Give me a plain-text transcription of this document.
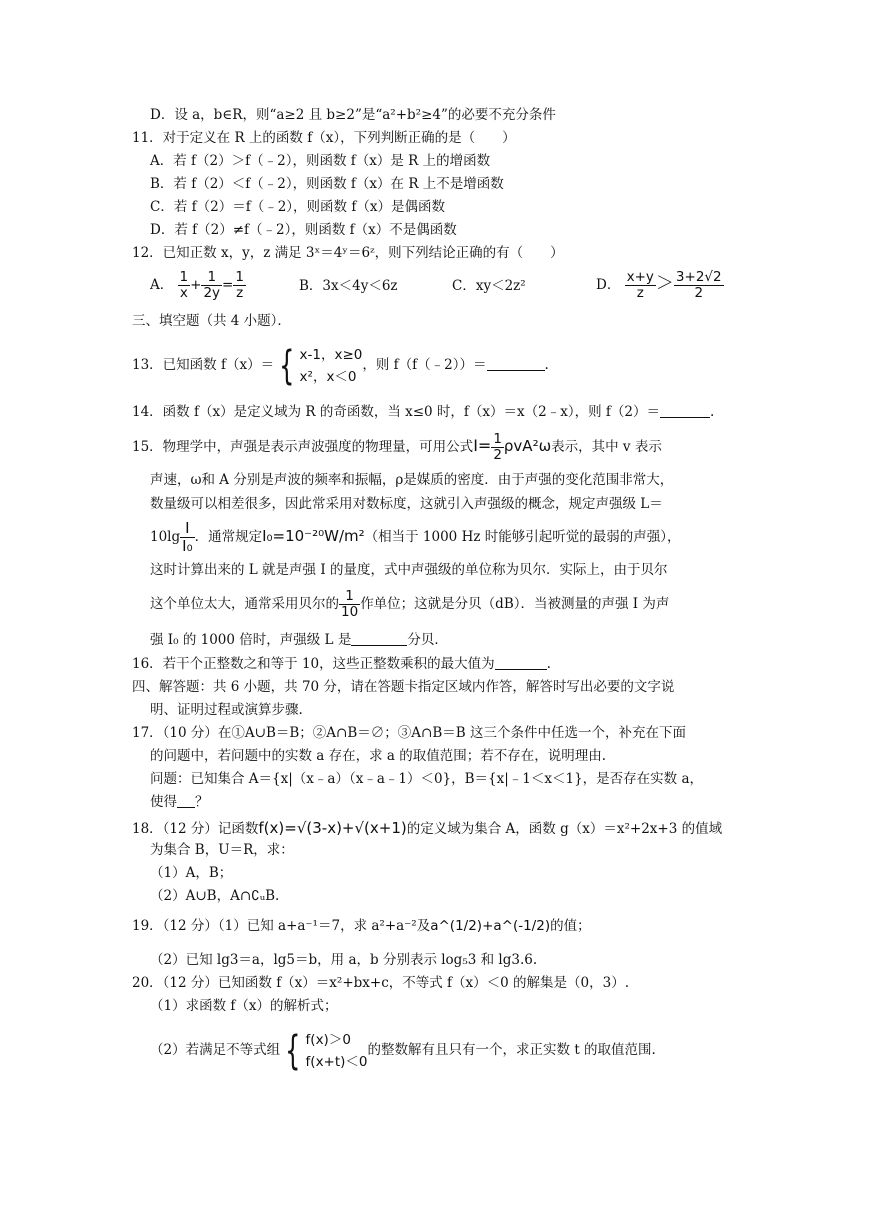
D．设 a，b∈R，则“a≥2 且 b≥2”是“a²+b²≥4”的必要不充分条件
11．对于定义在 R 上的函数 f（x），下列判断正确的是（　　）
A．若 f（2）＞f（﹣2），则函数 f（x）是 R 上的增函数
B．若 f（2）＜f（﹣2），则函数 f（x）在 R 上不是增函数
C．若 f（2）＝f（﹣2），则函数 f（x）是偶函数
D．若 f（2）≠f（﹣2），则函数 f（x）不是偶函数
12．已知正数 x，y，z 满足 3ˣ＝4ʸ＝6ᶻ，则下列结论正确的有（　　）
A． $\frac{1}{x} + \frac{1}{2y} = \frac{1}{z}$	B．3x＜4y＜6z	C．xy＜2z²	D． $\frac{x+y}{z} > \frac{3+2√2}{2}$
三、填空题（共 4 小题）．
13．已知函数 f（x）＝ { x-1，x≥0
x²，x＜0
，则 f（f（﹣2））＝	.
14．函数 f（x）是定义域为 R 的奇函数，当 x≤0 时，f（x）＝x（2﹣x），则 f（2）＝	.
15．物理学中，声强是表示声波强度的物理量，可用公式$I= \frac{1}{2} \rho vA^2\omega$表示，其中 v 表示
声速，ω和 A 分别是声波的频率和振幅，ρ是媒质的密度．由于声强的变化范围非常大，
数量级可以相差很多，因此常采用对数标度，这就引入声强级的概念，规定声强级 L＝
$10\lg \frac{I}{\text{I₀}}$ ．通常规定I₀=10⁻²⁰W/m²（相当于 1000 Hz 时能够引起听觉的最弱的声强），
这时计算出来的 L 就是声强 I 的量度，式中声强级的单位称为贝尔．实际上，由于贝尔
这个单位太大，通常采用贝尔的 $\frac{1}{10}$ 作单位；这就是分贝（dB）．当被测量的声强 I 为声
强 I₀ 的 1000 倍时，声强级 L 是	分贝．
16．若干个正整数之和等于 10，这些正整数乘积的最大值为	.
四、解答题：共 6 小题，共 70 分，请在答题卡指定区域内作答，解答时写出必要的文字说
明、证明过程或演算步骤.
17．（10 分）在①A∪B＝B；②A∩B＝∅；③A∩B＝B 这三个条件中任选一个，补充在下面
的问题中，若问题中的实数 a 存在，求 a 的取值范围；若不存在，说明理由.
问题：已知集合 A＝{x|（x﹣a）（x﹣a﹣1）＜0}，B＝{x|﹣1＜x＜1}，是否存在实数 a，
使得 ？
18．（12 分）记函数f(x)=√(3-x)+√(x+1)的定义域为集合 A，函数 g（x）＝x²+2x+3 的值域
为集合 B，U＝R，求：
（1）A，B；
（2）A∪B，A∩∁ᵤB.
19．（12 分）（1）已知 a+a⁻¹＝7，求 a²+a⁻²及a^(1/2)+a^(-1/2)的值；
（2）已知 lg3＝a，lg5＝b，用 a，b 分别表示 log₅3 和 lg3.6.
20．（12 分）已知函数 f（x）＝x²+bx+c，不等式 f（x）＜0 的解集是（0，3）.
（1）求函数 f（x）的解析式；
（2）若满足不等式组 { f(x)＞0
f(x+t)＜0
的整数解有且只有一个，求正实数 t 的取值范围.
